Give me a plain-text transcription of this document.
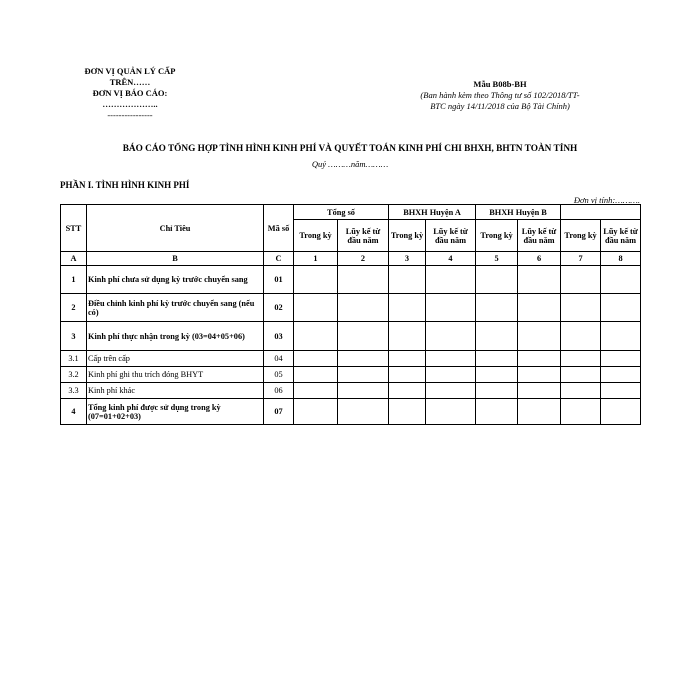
ĐƠN VỊ QUẢN LÝ CẤP
TRÊN……
ĐƠN VỊ BÁO CÁO:
………………..
----------------
Mẫu B08b-BH
(Ban hành kèm theo Thông tư số 102/2018/TT-
BTC ngày 14/11/2018 của Bộ Tài Chính)
BÁO CÁO TỔNG HỢP TÌNH HÌNH KINH PHÍ VÀ QUYẾT TOÁN KINH PHÍ CHI BHXH, BHTN TOÀN TỈNH
Quý ………năm………
PHẦN I. TÌNH HÌNH KINH PHÍ
Đơn vị tính:……….
STT	Chỉ Tiêu	Mã số	Tổng số		BHXH Huyện A		BHXH Huyện B			
			Trong kỳ	Lũy kế từ đầu năm	Trong kỳ	Lũy kế từ đầu năm	Trong kỳ	Lũy kế từ đầu năm	Trong kỳ	Lũy kế từ đầu năm
A	B	C	1	2	3	4	5	6	7	8
1	Kinh phí chưa sử dụng kỳ trước chuyển sang	01								
2	Điều chỉnh kinh phí kỳ trước chuyển sang (nếu có)	02								
3	Kinh phí thực nhận trong kỳ (03=04+05+06)	03								
3.1	Cấp trên cấp	04								
3.2	Kinh phí ghi thu trích đóng BHYT	05								
3.3	Kinh phí khác	06								
4	Tổng kinh phí được sử dụng trong kỳ (07=01+02+03)	07								
